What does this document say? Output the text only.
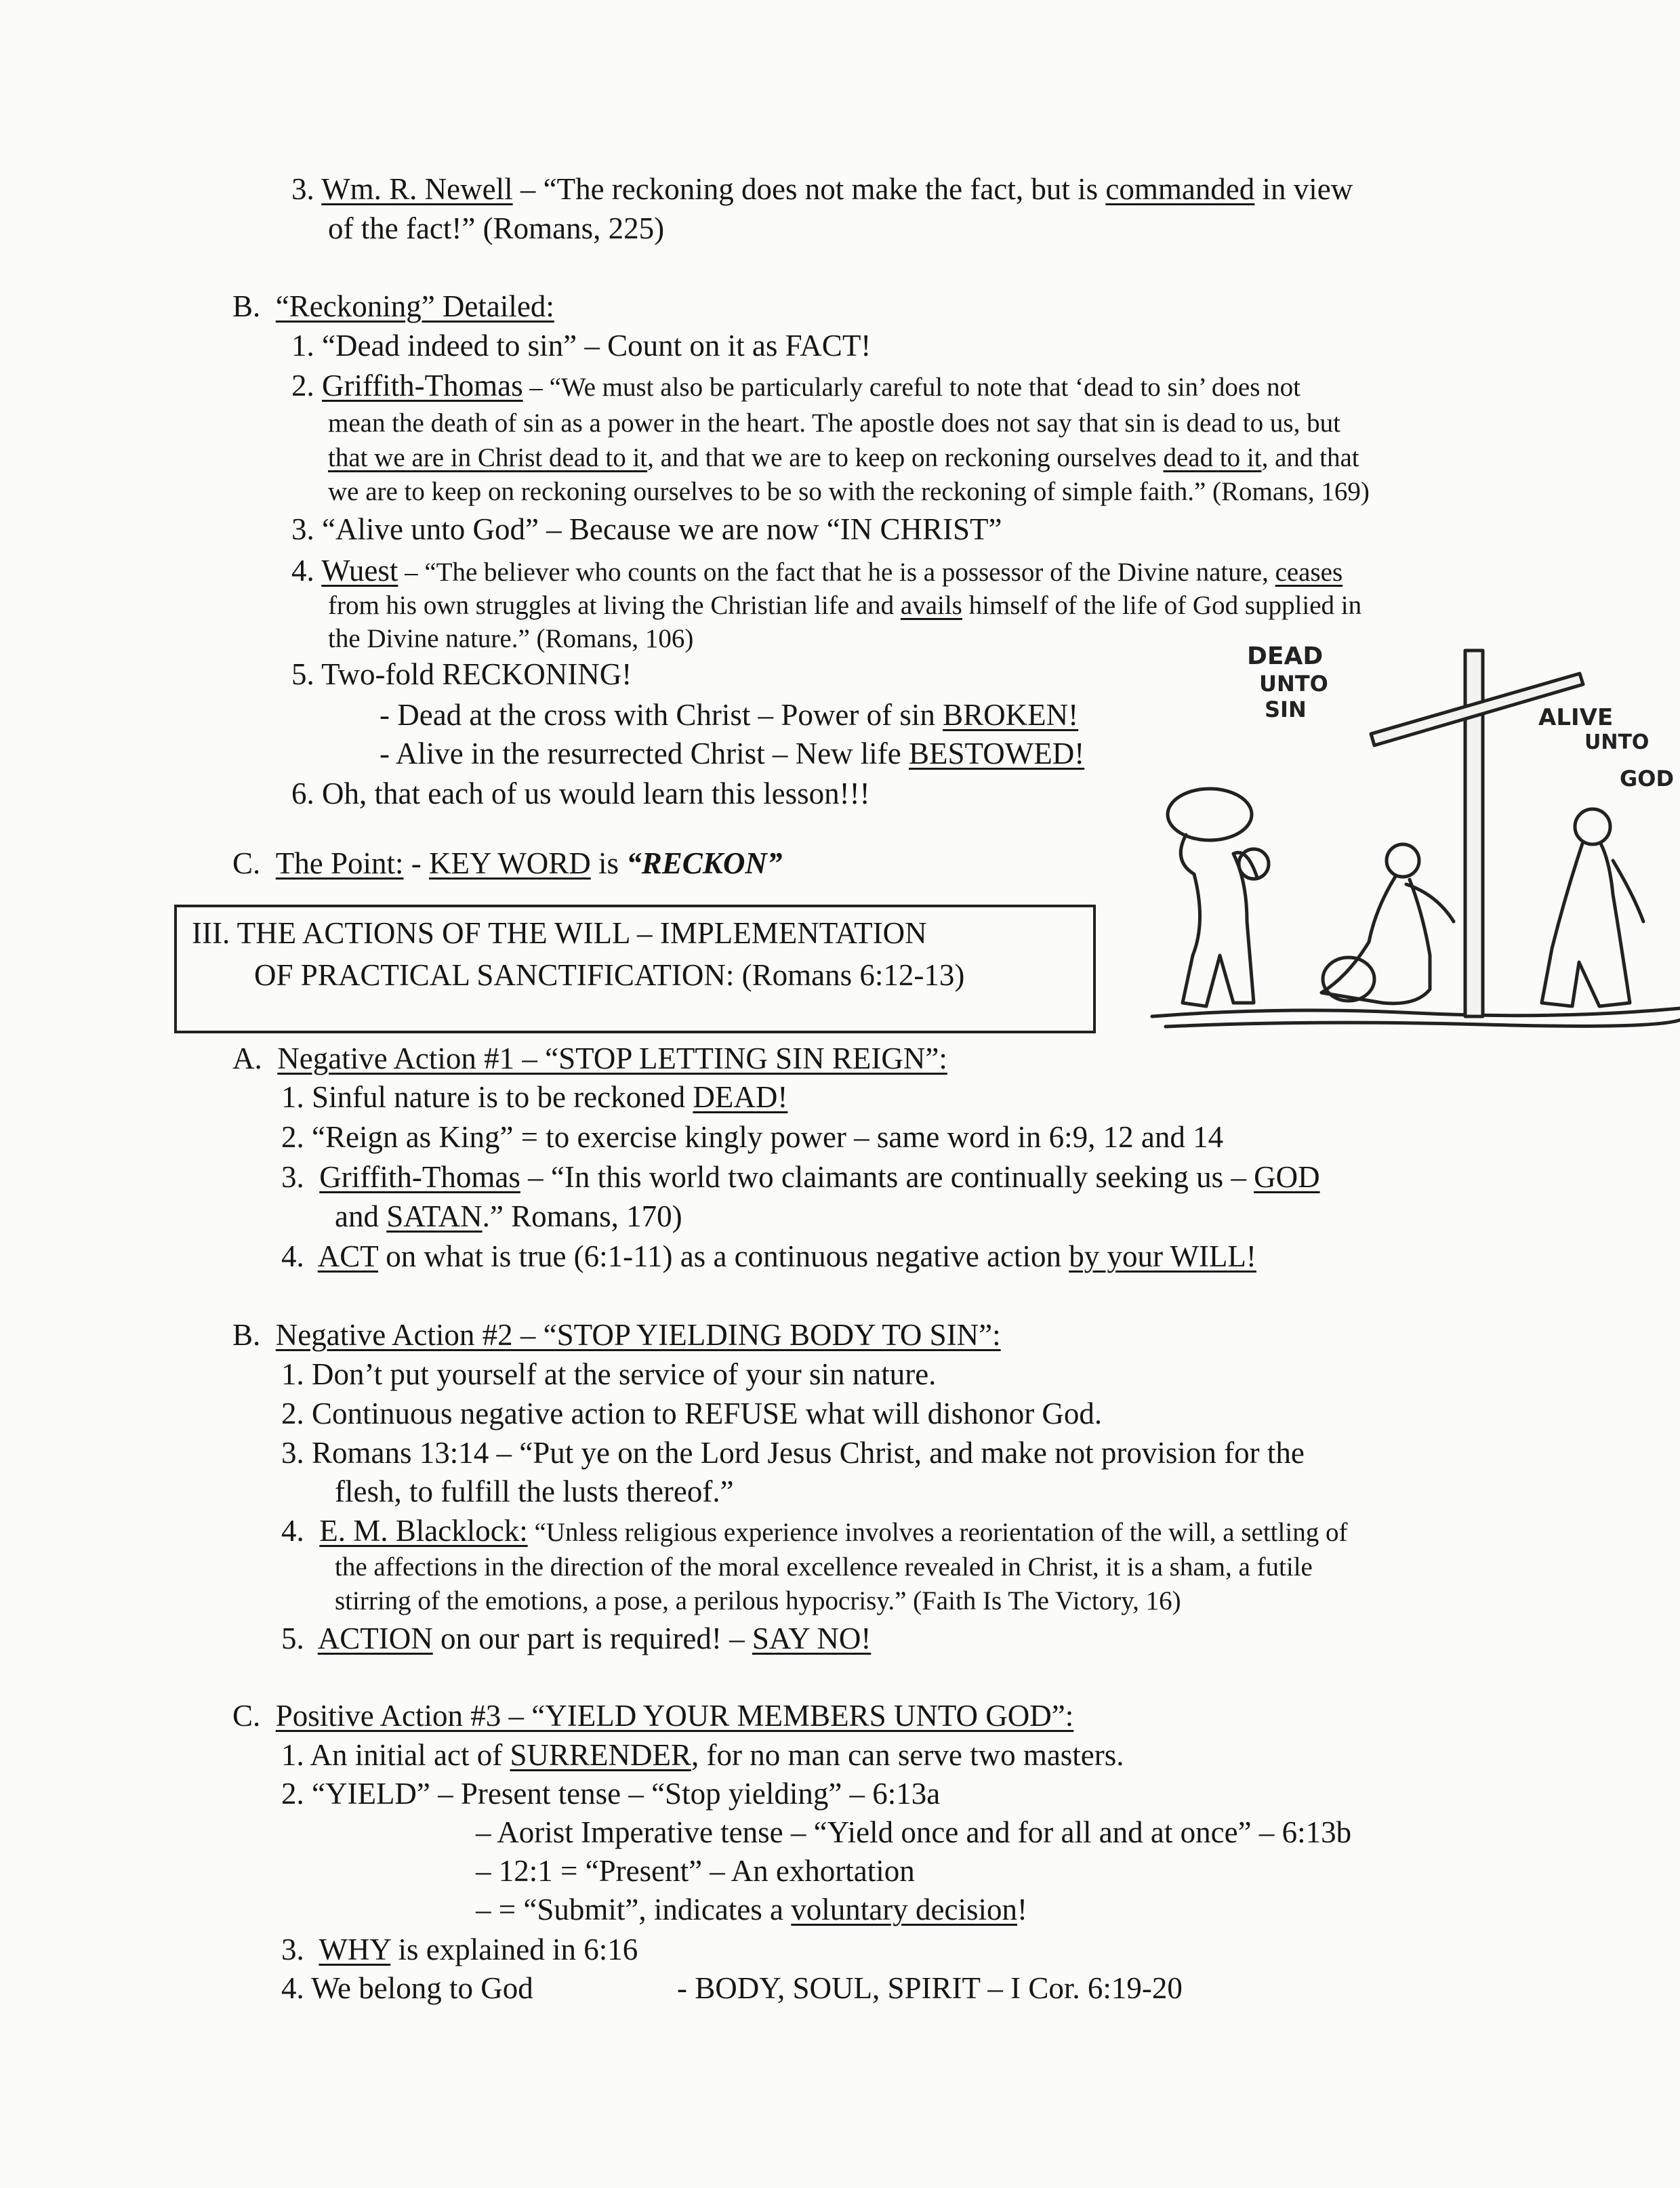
3. Wm. R. Newell – “The reckoning does not make the fact, but is commanded in view
of the fact!” (Romans, 225)
B. “Reckoning” Detailed:
1. “Dead indeed to sin” – Count on it as FACT!
2. Griffith-Thomas – “We must also be particularly careful to note that ‘dead to sin’ does not
mean the death of sin as a power in the heart. The apostle does not say that sin is dead to us, but
that we are in Christ dead to it, and that we are to keep on reckoning ourselves dead to it, and that
we are to keep on reckoning ourselves to be so with the reckoning of simple faith.” (Romans, 169)
3. “Alive unto God” – Because we are now “IN CHRIST”
4. Wuest – “The believer who counts on the fact that he is a possessor of the Divine nature, ceases
from his own struggles at living the Christian life and avails himself of the life of God supplied in
the Divine nature.” (Romans, 106)
5. Two-fold RECKONING!
- Dead at the cross with Christ – Power of sin BROKEN!
- Alive in the resurrected Christ – New life BESTOWED!
6. Oh, that each of us would learn this lesson!!!
C. The Point: - KEY WORD is “RECKON”
III. THE ACTIONS OF THE WILL – IMPLEMENTATION
OF PRACTICAL SANCTIFICATION: (Romans 6:12-13)
A. Negative Action #1 – “STOP LETTING SIN REIGN”:
1. Sinful nature is to be reckoned DEAD!
2. “Reign as King” = to exercise kingly power – same word in 6:9, 12 and 14
3. Griffith-Thomas – “In this world two claimants are continually seeking us – GOD
and SATAN.” Romans, 170)
4. ACT on what is true (6:1-11) as a continuous negative action by your WILL!
B. Negative Action #2 – “STOP YIELDING BODY TO SIN”:
1. Don’t put yourself at the service of your sin nature.
2. Continuous negative action to REFUSE what will dishonor God.
3. Romans 13:14 – “Put ye on the Lord Jesus Christ, and make not provision for the
flesh, to fulfill the lusts thereof.”
4. E. M. Blacklock: “Unless religious experience involves a reorientation of the will, a settling of
the affections in the direction of the moral excellence revealed in Christ, it is a sham, a futile
stirring of the emotions, a pose, a perilous hypocrisy.” (Faith Is The Victory, 16)
5. ACTION on our part is required! – SAY NO!
C. Positive Action #3 – “YIELD YOUR MEMBERS UNTO GOD”:
1. An initial act of SURRENDER, for no man can serve two masters.
2. “YIELD” – Present tense – “Stop yielding” – 6:13a
– Aorist Imperative tense – “Yield once and for all and at once” – 6:13b
– 12:1 = “Present” – An exhortation
– = “Submit”, indicates a voluntary decision!
3. WHY is explained in 6:16
4. We belong to God	- BODY, SOUL, SPIRIT – I Cor. 6:19-20
DEAD
UNTO
SIN	ALIVE
UNTO
GOD
